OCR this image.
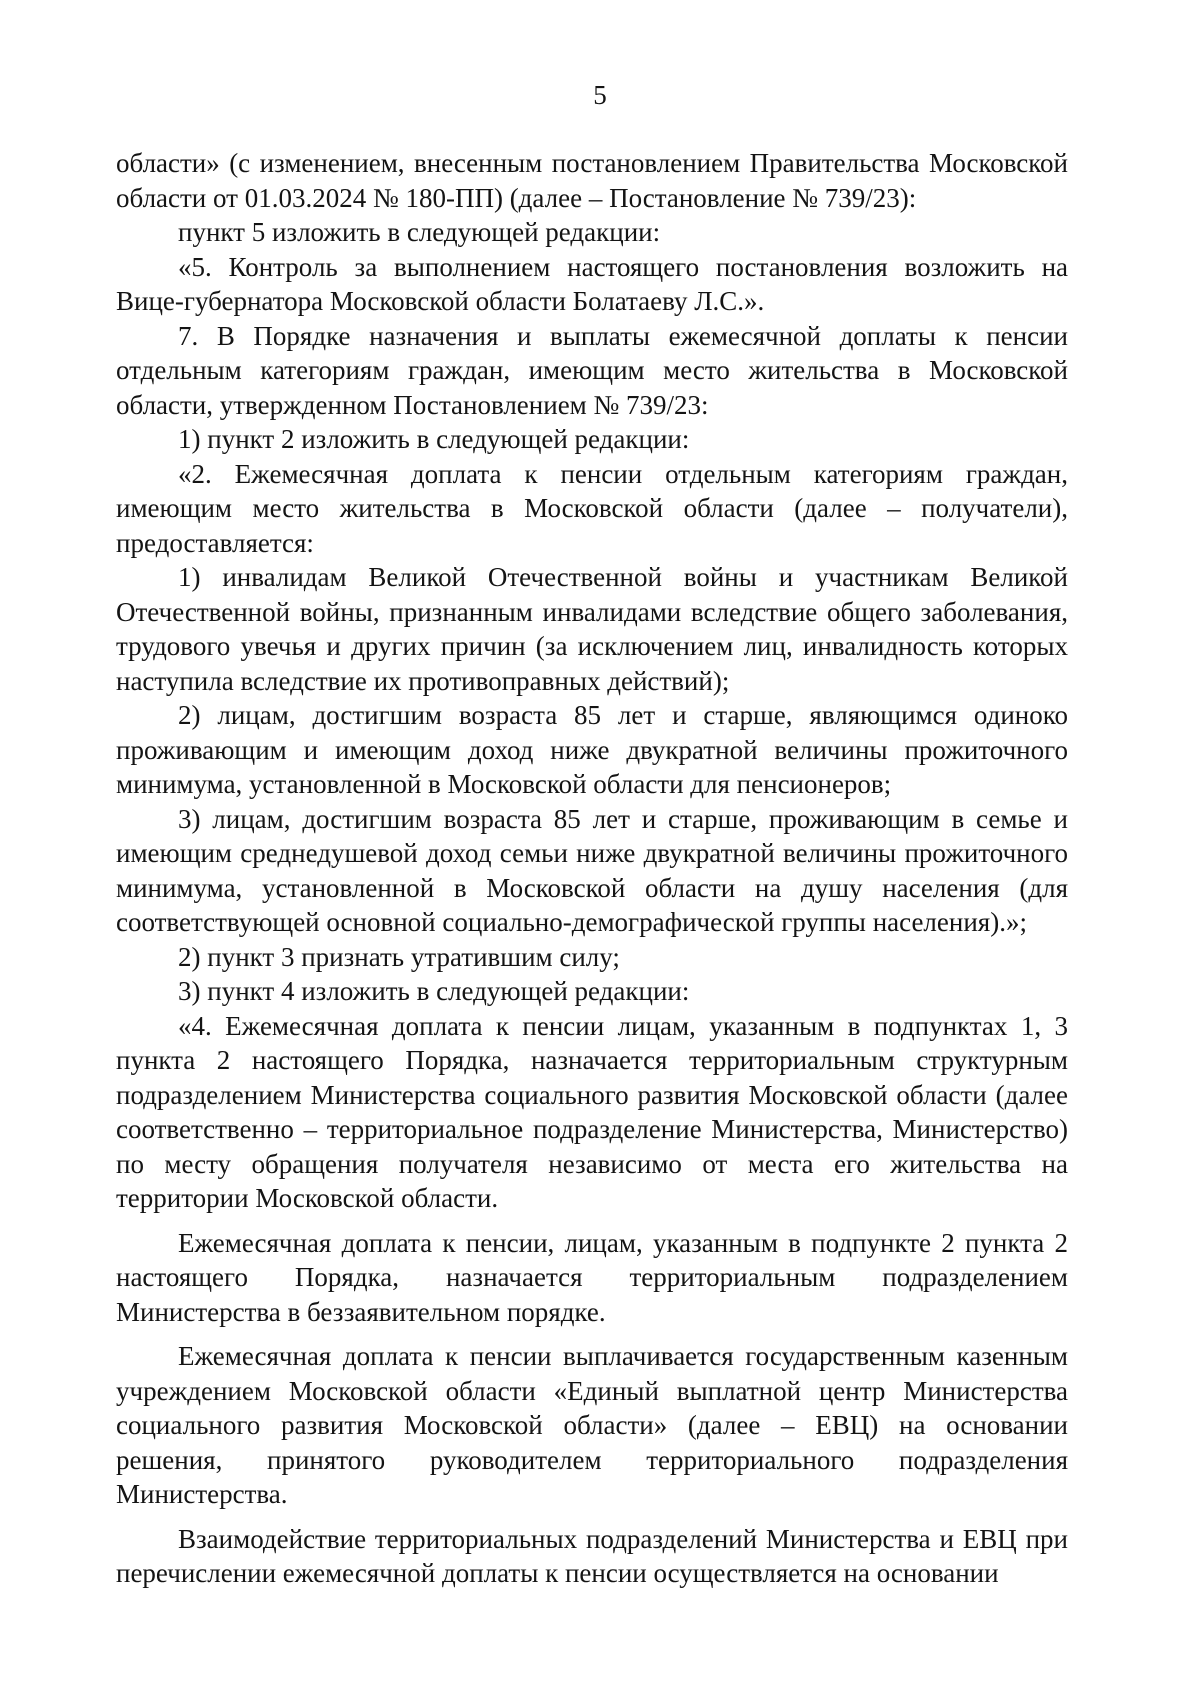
5

области» (с изменением, внесенным постановлением Правительства Московской области от 01.03.2024 № 180-ПП) (далее – Постановление № 739/23):

пункт 5 изложить в следующей редакции:

«5. Контроль за выполнением настоящего постановления возложить на Вице-губернатора Московской области Болатаеву Л.С.».

7. В Порядке назначения и выплаты ежемесячной доплаты к пенсии отдельным категориям граждан, имеющим место жительства в Московской области, утвержденном Постановлением № 739/23:

1) пункт 2 изложить в следующей редакции:

«2. Ежемесячная доплата к пенсии отдельным категориям граждан, имеющим место жительства в Московской области (далее – получатели), предоставляется:

1) инвалидам Великой Отечественной войны и участникам Великой Отечественной войны, признанным инвалидами вследствие общего заболевания, трудового увечья и других причин (за исключением лиц, инвалидность которых наступила вследствие их противоправных действий);

2) лицам, достигшим возраста 85 лет и старше, являющимся одиноко проживающим и имеющим доход ниже двукратной величины прожиточного минимума, установленной в Московской области для пенсионеров;

3) лицам, достигшим возраста 85 лет и старше, проживающим в семье и имеющим среднедушевой доход семьи ниже двукратной величины прожиточного минимума, установленной в Московской области на душу населения (для соответствующей основной социально-демографической группы населения).»;

2) пункт 3 признать утратившим силу;

3) пункт 4 изложить в следующей редакции:

«4. Ежемесячная доплата к пенсии лицам, указанным в подпунктах 1, 3 пункта 2 настоящего Порядка, назначается территориальным структурным подразделением Министерства социального развития Московской области (далее соответственно – территориальное подразделение Министерства, Министерство) по месту обращения получателя независимо от места его жительства на территории Московской области.

Ежемесячная доплата к пенсии, лицам, указанным в подпункте 2 пункта 2 настоящего Порядка, назначается территориальным подразделением Министерства в беззаявительном порядке.

Ежемесячная доплата к пенсии выплачивается государственным казенным учреждением Московской области «Единый выплатной центр Министерства социального развития Московской области» (далее – ЕВЦ) на основании решения, принятого руководителем территориального подразделения Министерства.

Взаимодействие территориальных подразделений Министерства и ЕВЦ при перечислении ежемесячной доплаты к пенсии осуществляется на основании
